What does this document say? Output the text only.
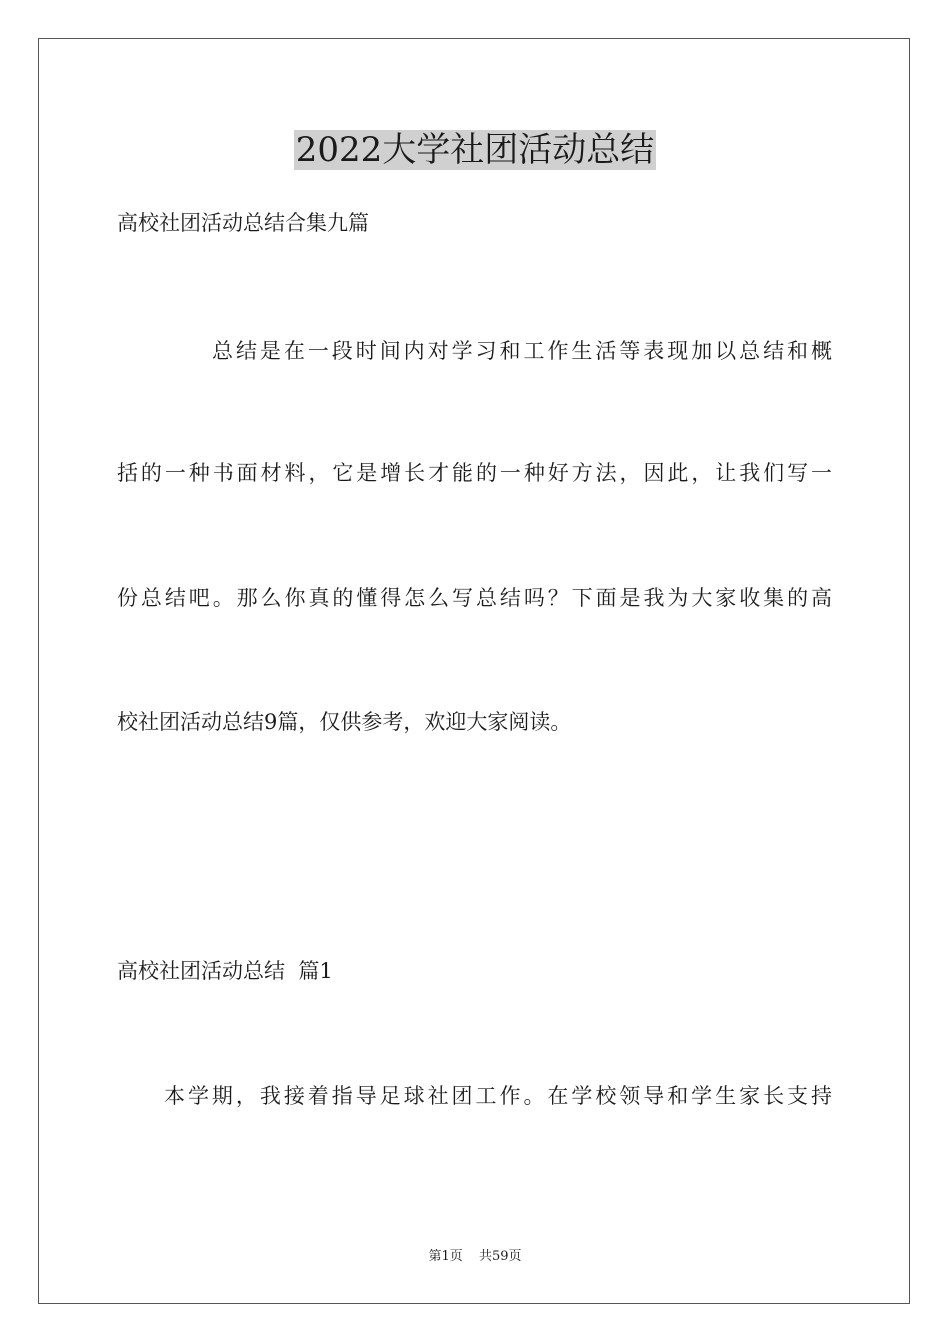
2022大学社团活动总结

高校社团活动总结合集九篇

总结是在一段时间内对学习和工作生活等表现加以总结和概

括的一种书面材料，它是增长才能的一种好方法，因此，让我们写一

份总结吧。那么你真的懂得怎么写总结吗？下面是我为大家收集的高

校社团活动总结9篇，仅供参考，欢迎大家阅读。

高校社团活动总结  篇1

本学期，我接着指导足球社团工作。在学校领导和学生家长支持

第1页 共59页
